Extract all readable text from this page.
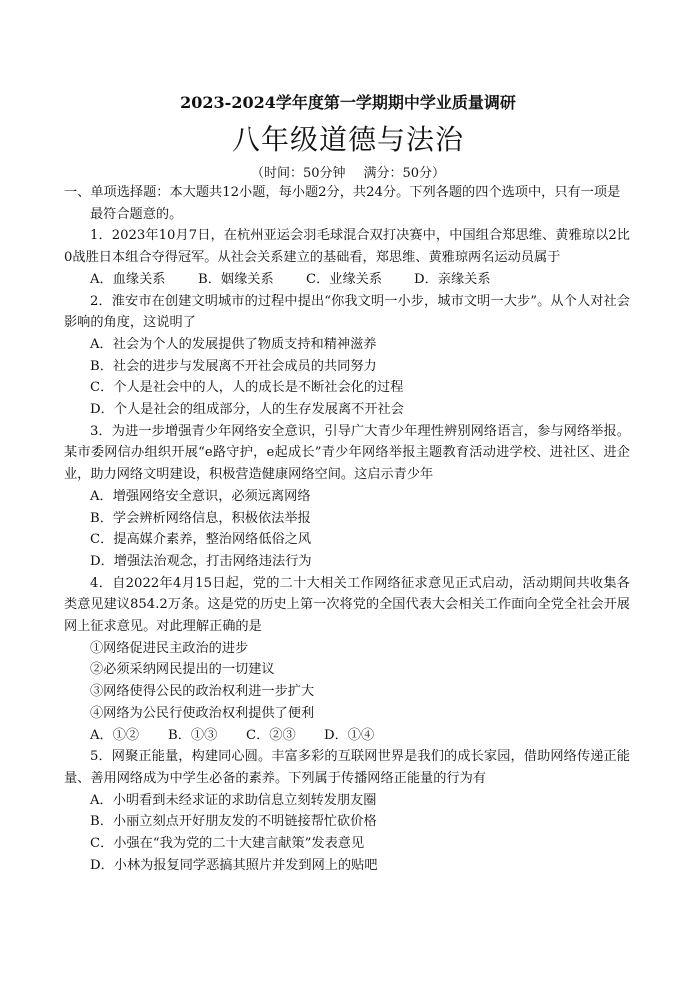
2023-2024学年度第一学期期中学业质量调研
八年级道德与法治
（时间：50分钟 满分：50分）

一、单项选择题：本大题共12小题，每小题2分，共24分。下列各题的四个选项中，只有一项是最符合题意的。

1．2023年10月7日，在杭州亚运会羽毛球混合双打决赛中，中国组合郑思维、黄雅琼以2比0战胜日本组合夺得冠军。从社会关系建立的基础看，郑思维、黄雅琼两名运动员属于

A．血缘关系 B．姻缘关系 C．业缘关系 D．亲缘关系

2．淮安市在创建文明城市的过程中提出“你我文明一小步，城市文明一大步”。从个人对社会影响的角度，这说明了

A．社会为个人的发展提供了物质支持和精神滋养

B．社会的进步与发展离不开社会成员的共同努力

C．个人是社会中的人，人的成长是不断社会化的过程

D．个人是社会的组成部分，人的生存发展离不开社会

3．为进一步增强青少年网络安全意识，引导广大青少年理性辨别网络语言，参与网络举报。某市委网信办组织开展“e路守护，e起成长”青少年网络举报主题教育活动进学校、进社区、进企业，助力网络文明建设，积极营造健康网络空间。这启示青少年

A．增强网络安全意识，必须远离网络

B．学会辨析网络信息，积极依法举报

C．提高媒介素养，整治网络低俗之风

D．增强法治观念，打击网络违法行为

4．自2022年4月15日起，党的二十大相关工作网络征求意见正式启动，活动期间共收集各类意见建议854.2万条。这是党的历史上第一次将党的全国代表大会相关工作面向全党全社会开展网上征求意见。对此理解正确的是

①网络促进民主政治的进步

②必须采纳网民提出的一切建议

③网络使得公民的政治权利进一步扩大

④网络为公民行使政治权利提供了便利

A．①② B．①③ C．②③ D．①④

5．网聚正能量，构建同心圆。丰富多彩的互联网世界是我们的成长家园，借助网络传递正能量、善用网络成为中学生必备的素养。下列属于传播网络正能量的行为有

A．小明看到未经求证的求助信息立刻转发朋友圈

B．小丽立刻点开好朋友发的不明链接帮忙砍价格

C．小强在“我为党的二十大建言献策”发表意见

D．小林为报复同学恶搞其照片并发到网上的贴吧
